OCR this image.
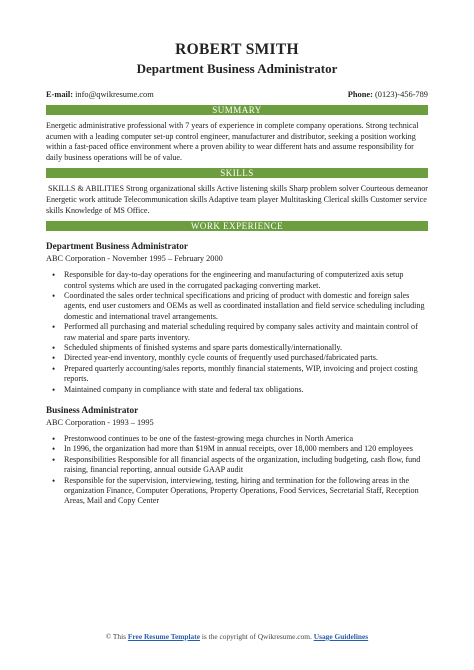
ROBERT SMITH
Department Business Administrator
E-mail: info@qwikresume.com	Phone: (0123)-456-789
SUMMARY

Energetic administrative professional with 7 years of experience in complete company operations. Strong technical acumen with a leading computer set-up control engineer, manufacturer and distributor, seeking a position working within a fast-paced office environment where a proven ability to wear different hats and assume responsibility for daily business operations will be of value.

SKILLS

SKILLS & ABILITIES Strong organizational skills Active listening skills Sharp problem solver Courteous demeanor Energetic work attitude Telecommunication skills Adaptive team player Multitasking Clerical skills Customer service skills Knowledge of MS Office.

WORK EXPERIENCE
Department Business Administrator
ABC Corporation - November 1995 – February 2000
• Responsible for day-to-day operations for the engineering and manufacturing of computerized axis setup control systems which are used in the corrugated packaging converting market.
• Coordinated the sales order technical specifications and pricing of product with domestic and foreign sales agents, end user customers and OEMs as well as coordinated installation and field service scheduling including domestic and international travel arrangements.
• Performed all purchasing and material scheduling required by company sales activity and maintain control of raw material and spare parts inventory.
• Scheduled shipments of finished systems and spare parts domestically/internationally.
• Directed year-end inventory, monthly cycle counts of frequently used purchased/fabricated parts.
• Prepared quarterly accounting/sales reports, monthly financial statements, WIP, invoicing and project costing reports.
• Maintained company in compliance with state and federal tax obligations.
Business Administrator
ABC Corporation - 1993 – 1995
• Prestonwood continues to be one of the fastest-growing mega churches in North America
• In 1996, the organization had more than $19M in annual receipts, over 18,000 members and 120 employees
• Responsibilities Responsible for all financial aspects of the organization, including budgeting, cash flow, fund raising, financial reporting, annual outside GAAP audit
• Responsible for the supervision, interviewing, testing, hiring and termination for the following areas in the organization Finance, Computer Operations, Property Operations, Food Services, Secretarial Staff, Reception Areas, Mail and Copy Center
© This Free Resume Template is the copyright of Qwikresume.com. Usage Guidelines
